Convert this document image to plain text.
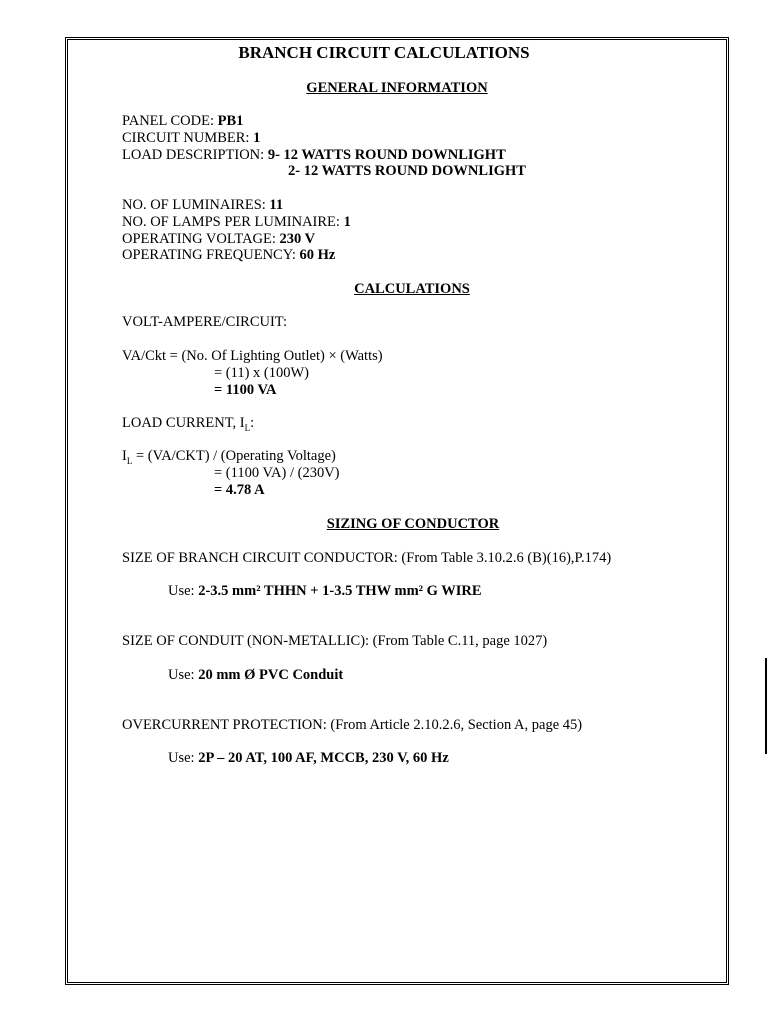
BRANCH CIRCUIT CALCULATIONS
GENERAL INFORMATION
PANEL CODE: PB1
CIRCUIT NUMBER: 1
LOAD DESCRIPTION: 9- 12 WATTS ROUND DOWNLIGHT
2- 12 WATTS ROUND DOWNLIGHT
NO. OF LUMINAIRES: 11
NO. OF LAMPS PER LUMINAIRE: 1
OPERATING VOLTAGE: 230 V
OPERATING FREQUENCY: 60 Hz
CALCULATIONS
VOLT-AMPERE/CIRCUIT:
VA/Ckt = (No. Of Lighting Outlet) × (Watts)
= (11) x (100W)
= 1100 VA
LOAD CURRENT, $I_L$:
$I_L = (VA/CKT)$ / (Operating Voltage)
= (1100 VA) / (230V)
= 4.78 A
SIZING OF CONDUCTOR
SIZE OF BRANCH CIRCUIT CONDUCTOR: (From Table 3.10.2.6 (B)(16),P.174)
Use: 2-3.5 mm² THHN + 1-3.5 THW mm² G WIRE
SIZE OF CONDUIT (NON-METALLIC): (From Table C.11, page 1027)
Use: 20 mm Ø PVC Conduit
OVERCURRENT PROTECTION: (From Article 2.10.2.6, Section A, page 45)
Use: 2P – 20 AT, 100 AF, MCCB, 230 V, 60 Hz
